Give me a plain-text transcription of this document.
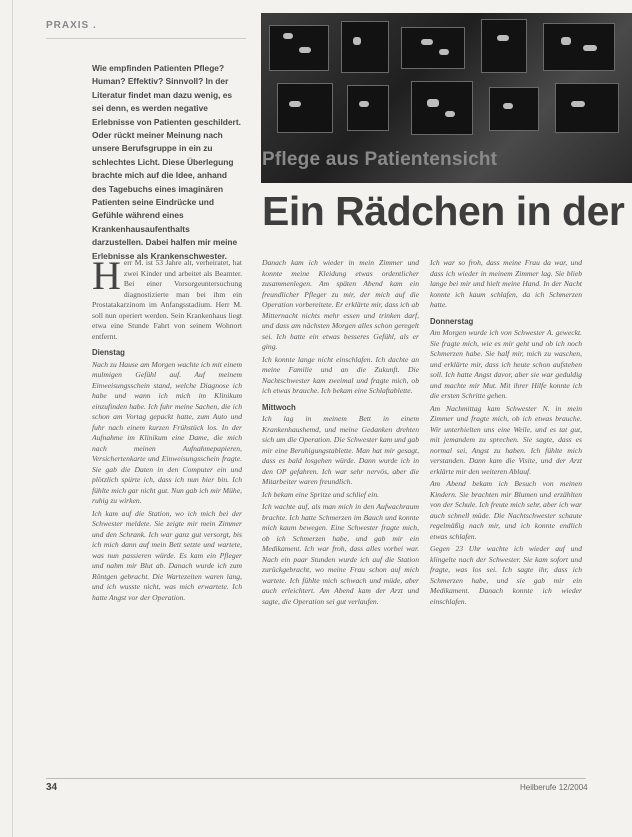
PRAXIS .
Wie empfinden Patienten Pflege? Human? Effektiv? Sinnvoll? In der Literatur findet man dazu wenig, es sei denn, es werden negative Erlebnisse von Patienten geschildert. Oder rückt meiner Meinung nach unsere Berufsgruppe in ein zu schlechtes Licht. Diese Überlegung brachte mich auf die Idee, anhand des Tagebuchs eines imaginären Patienten seine Eindrücke und Gefühle während eines Krankenhausaufenthalts darzustellen. Dabei halfen mir meine Erlebnisse als Krankenschwester.
Pflege aus Patientensicht
Ein Rädchen in der

Herr M. ist 53 Jahre alt, verheiratet, hat zwei Kinder und arbeitet als Beamter. Bei einer Vorsorgeuntersuchung diagnostizierte man bei ihm ein Prostatakarzinom im Anfangsstadium. Herr M. soll nun operiert werden. Sein Krankenhaus liegt etwa eine Stunde Fahrt von seinem Wohnort entfernt.

Dienstag

Nach zu Hause am Morgen wachte ich mit einem mulmigen Gefühl auf. Auf meinem Einweisungsschein stand, welche Diagnose ich habe und wann ich mich im Klinikum einzufinden habe. Ich fuhr meine Sachen, die ich schon am Vortag gepackt hatte, zum Auto und fuhr nach einem kurzen Frühstück los. In der Aufnahme im Klinikum eine Dame, die mich nach meinen Aufnahmepapieren, Versichertenkarte und Einweisungsschein fragte. Sie gab die Daten in den Computer ein und plötzlich spürte ich, dass ich nun hier bin. Ich fühlte mich gar nicht gut. Nun gab ich mir Mühe, ruhig zu wirken.

Ich kam auf die Station, wo ich mich bei der Schwester meldete. Sie zeigte mir mein Zimmer und den Schrank. Ich war ganz gut versorgt, bis ich mich dann auf mein Bett setzte und wartete, was nun passieren würde. Es kam ein Pfleger und nahm mir Blut ab. Danach wurde ich zum Röntgen gebracht. Die Wartezeiten waren lang, und ich wusste nicht, was mich erwartete. Ich hatte Angst vor der Operation.

Danach kam ich wieder in mein Zimmer und konnte meine Kleidung etwas ordentlicher zusammenlegen. Am späten Abend kam ein freundlicher Pfleger zu mir, der mich auf die Operation vorbereitete. Er erklärte mir, dass ich ab Mitternacht nichts mehr essen und trinken darf, und dass am nächsten Morgen alles schon geregelt sei. Ich hatte ein etwas besseres Gefühl, als er ging.

Ich konnte lange nicht einschlafen. Ich dachte an meine Familie und an die Zukunft. Die Nachtschwester kam zweimal und fragte mich, ob ich etwas brauche. Ich bekam eine Schlaftablette.

Mittwoch

Ich lag in meinem Bett in einem Krankenhaushemd, und meine Gedanken drehten sich um die Operation. Die Schwester kam und gab mir eine Beruhigungstablette. Man hat mir gesagt, dass es bald losgehen würde. Dann wurde ich in den OP gefahren. Ich war sehr nervös, aber die Mitarbeiter waren freundlich.

Ich bekam eine Spritze und schlief ein.

Ich wachte auf, als man mich in den Aufwachraum brachte. Ich hatte Schmerzen im Bauch und konnte mich kaum bewegen. Eine Schwester fragte mich, ob ich Schmerzen habe, und gab mir ein Medikament. Ich war froh, dass alles vorbei war. Nach ein paar Stunden wurde ich auf die Station zurückgebracht, wo meine Frau schon auf mich wartete. Ich fühlte mich schwach und müde, aber auch erleichtert. Am Abend kam der Arzt und sagte, die Operation sei gut verlaufen.

Ich war so froh, dass meine Frau da war, und dass ich wieder in meinem Zimmer lag. Sie blieb lange bei mir und hielt meine Hand. In der Nacht konnte ich kaum schlafen, da ich Schmerzen hatte.

Donnerstag

Am Morgen wurde ich von Schwester A. geweckt. Sie fragte mich, wie es mir geht und ob ich noch Schmerzen habe. Sie half mir, mich zu waschen, und erklärte mir, dass ich heute schon aufstehen soll. Ich hatte Angst davor, aber sie war geduldig und machte mir Mut. Mit ihrer Hilfe konnte ich die ersten Schritte gehen.

Am Nachmittag kam Schwester N. in mein Zimmer und fragte mich, ob ich etwas brauche. Wir unterhielten uns eine Weile, und es tat gut, mit jemandem zu sprechen. Sie sagte, dass es normal sei, Angst zu haben. Ich fühlte mich verstanden. Dann kam die Visite, und der Arzt erklärte mir den weiteren Ablauf.

Am Abend bekam ich Besuch von meinen Kindern. Sie brachten mir Blumen und erzählten von der Schule. Ich freute mich sehr, aber ich war auch schnell müde. Die Nachtschwester schaute regelmäßig nach mir, und ich konnte endlich etwas schlafen.

Gegen 23 Uhr wachte ich wieder auf und klingelte nach der Schwester. Sie kam sofort und fragte, was los sei. Ich sagte ihr, dass ich Schmerzen habe, und sie gab mir ein Medikament. Danach konnte ich wieder einschlafen.

34	Heilberufe 12/2004
